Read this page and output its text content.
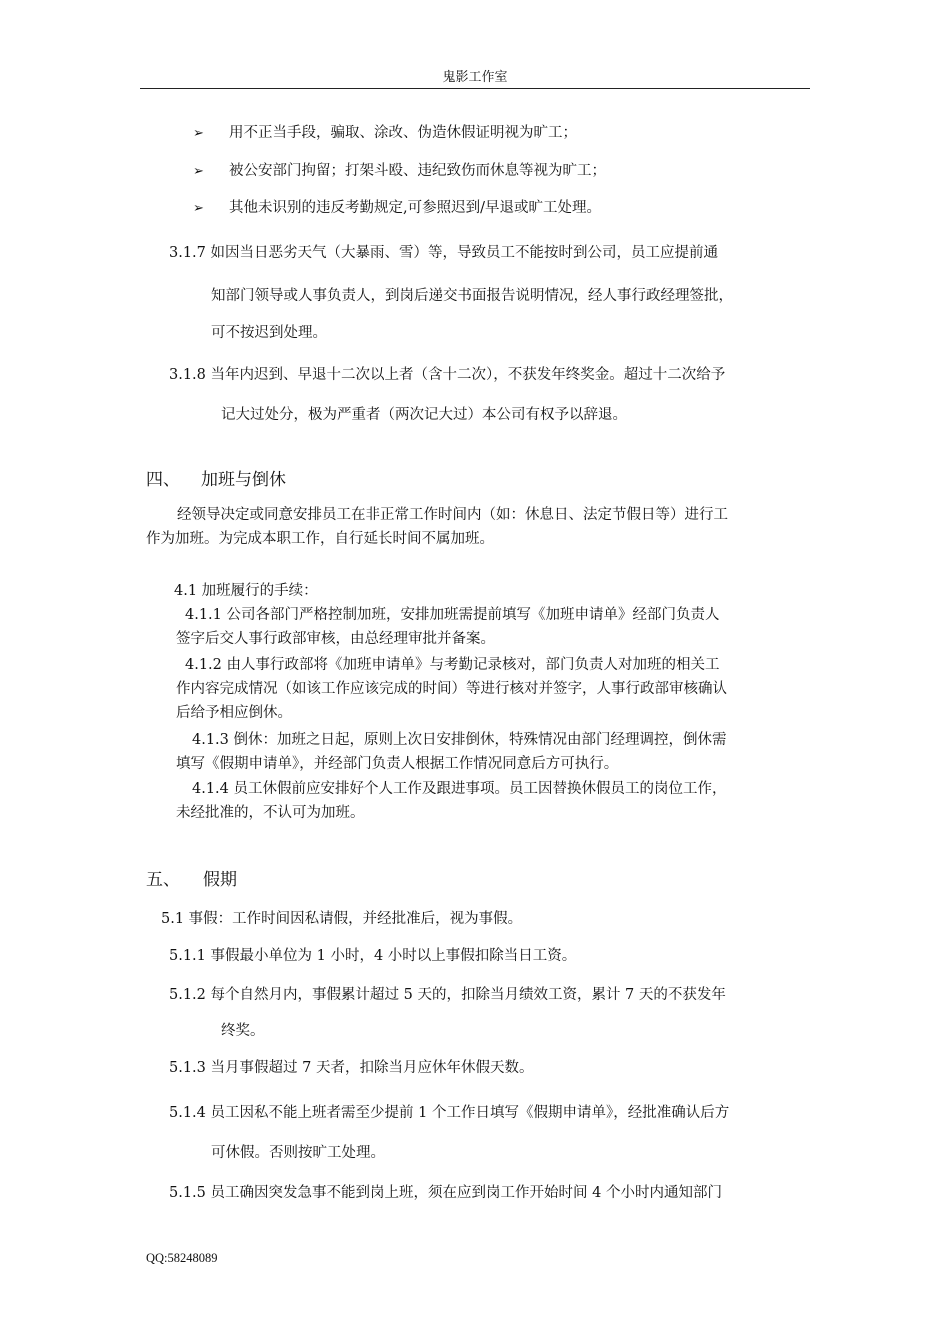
鬼影工作室
➢ 用不正当手段，骗取、涂改、伪造休假证明视为旷工；
➢ 被公安部门拘留；打架斗殴、违纪致伤而休息等视为旷工；
➢ 其他未识别的违反考勤规定,可参照迟到/早退或旷工处理。
3.1.7 如因当日恶劣天气（大暴雨、雪）等，导致员工不能按时到公司，员工应提前通
知部门领导或人事负责人，到岗后递交书面报告说明情况，经人事行政经理签批，
可不按迟到处理。
3.1.8 当年内迟到、早退十二次以上者（含十二次），不获发年终奖金。超过十二次给予
记大过处分，极为严重者（两次记大过）本公司有权予以辞退。
四、 加班与倒休
经领导决定或同意安排员工在非正常工作时间内（如：休息日、法定节假日等）进行工
作为加班。为完成本职工作，自行延长时间不属加班。
4.1 加班履行的手续：
4.1.1 公司各部门严格控制加班，安排加班需提前填写《加班申请单》经部门负责人
签字后交人事行政部审核，由总经理审批并备案。
4.1.2 由人事行政部将《加班申请单》与考勤记录核对，部门负责人对加班的相关工
作内容完成情况（如该工作应该完成的时间）等进行核对并签字，人事行政部审核确认
后给予相应倒休。
4.1.3 倒休：加班之日起，原则上次日安排倒休，特殊情况由部门经理调控，倒休需
填写《假期申请单》，并经部门负责人根据工作情况同意后方可执行。
4.1.4 员工休假前应安排好个人工作及跟进事项。员工因替换休假员工的岗位工作，
未经批准的，不认可为加班。
五、 假期
5.1 事假：工作时间因私请假，并经批准后，视为事假。
5.1.1 事假最小单位为 1 小时，4 小时以上事假扣除当日工资。
5.1.2 每个自然月内，事假累计超过 5 天的，扣除当月绩效工资，累计 7 天的不获发年
终奖。
5.1.3 当月事假超过 7 天者，扣除当月应休年休假天数。
5.1.4 员工因私不能上班者需至少提前 1 个工作日填写《假期申请单》，经批准确认后方
可休假。否则按旷工处理。
5.1.5 员工确因突发急事不能到岗上班，须在应到岗工作开始时间 4 个小时内通知部门
QQ:58248089
